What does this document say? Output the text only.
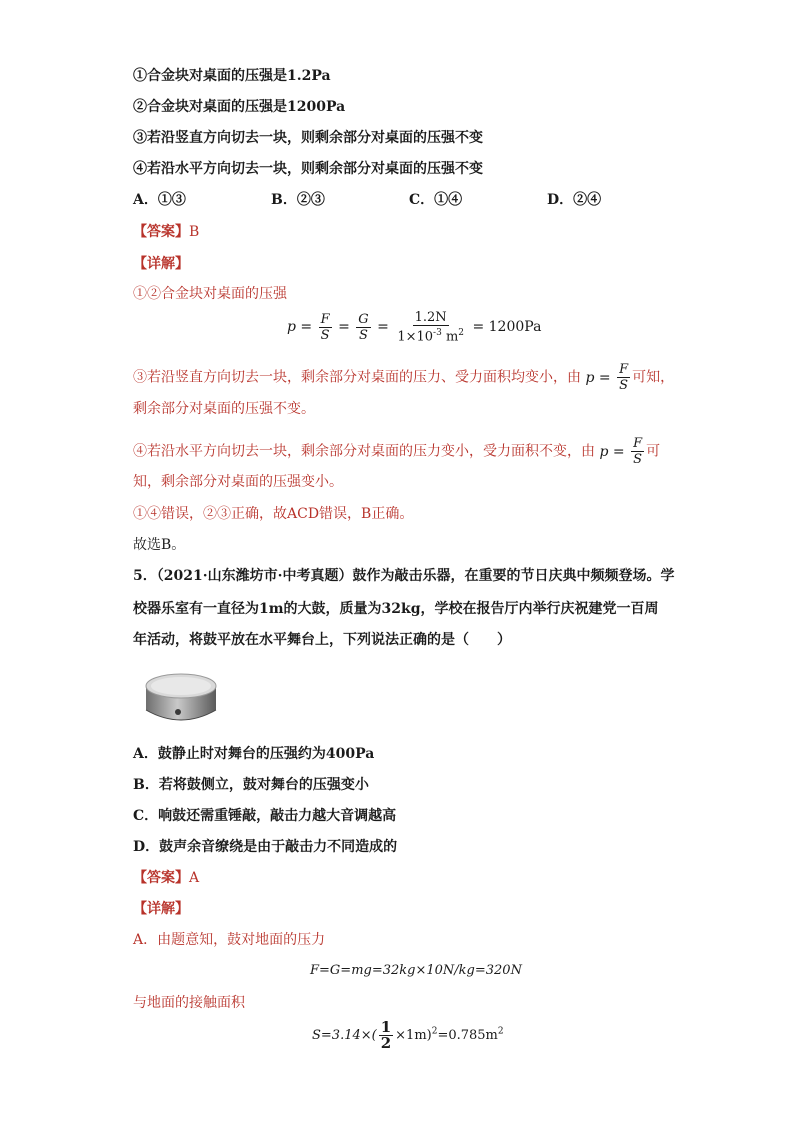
①合金块对桌面的压强是1.2Pa
②合金块对桌面的压强是1200Pa
③若沿竖直方向切去一块，则剩余部分对桌面的压强不变
④若沿水平方向切去一块，则剩余部分对桌面的压强不变
A．①③	B．②③	C．①④	D．②④
【答案】B
【详解】
①②合金块对桌面的压强
$p = \frac{F}{S} = \frac{G}{S} = \frac{1.2N}{1\times 10^{-3} m^2} = 1200Pa$
③若沿竖直方向切去一块，剩余部分对桌面的压力、受力面积均变小，由 $p = \frac{F}{S}$ 可知，
剩余部分对桌面的压强不变。
④若沿水平方向切去一块，剩余部分对桌面的压力变小，受力面积不变，由 $p = \frac{F}{S}$ 可
知，剩余部分对桌面的压强变小。
①④错误，②③正确，故ACD错误，B正确。
故选B。
5．（2021·山东潍坊市·中考真题）鼓作为敲击乐器，在重要的节日庆典中频频登场。学
校器乐室有一直径为1m的大鼓，质量为32kg，学校在报告厅内举行庆祝建党一百周
年活动，将鼓平放在水平舞台上，下列说法正确的是（　　）
A．鼓静止时对舞台的压强约为400Pa
B．若将鼓侧立，鼓对舞台的压强变小
C．响鼓还需重锤敲，敲击力越大音调越高
D．鼓声余音缭绕是由于敲击力不同造成的
【答案】A
【详解】
A．由题意知，鼓对地面的压力
F=G=mg=32kg×10N/kg=320N
与地面的接触面积
$S=3.14\times( \frac{1}{2} \times 1m)^2=0.785m^2$
